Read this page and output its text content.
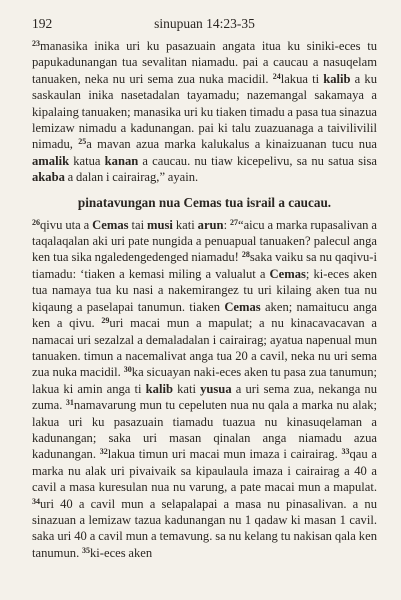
192	sinupuan 14:23-35

$^{23}$manasika inika uri ku pasazuain angata itua ku siniki-eces tu papukadunangan tua sevalitan niamadu. pai a caucau a nasuqelam tanuaken, neka nu uri sema zua nuka macidil. $^{24}$lakua ti kalib a ku saskaulan inika nasetadalan tayamadu; nazemangal sakamaya a kipalaing tanuaken; manasika uri ku tiaken timadu a pasa tua sinazua lemizaw nimadu a kadunangan. pai ki talu zuazuanaga a taivilivilil nimadu, $^{25}$a mavan azua marka kalukalus a kinaizuanan tucu nua amalik katua kanan a caucau. nu tiaw kicepelivu, sa nu satua sisa akaba a dalan i cairairag,” ayain.

pinatavungan nua Cemas tua israil a caucau.

$^{26}$qivu uta a Cemas tai musi kati arun: $^{27}$“aicu a marka rupasalivan a taqalaqalan aki uri pate nungida a penuapual tanuaken? palecul anga ken tua sika ngaledengedenged niamadu! $^{28}$saka vaiku sa nu qaqivu-i tiamadu: ‘tiaken a kemasi miling a valualut a Cemas; ki-eces aken tua namaya tua ku nasi a nakemirangez tu uri kilaing aken tua nu kiqaung a paselapai tanumun. tiaken Cemas aken; namaitucu anga ken a qivu. $^{29}$uri macai mun a mapulat; a nu kinacavacavan a namacai uri sezalzal a demaladalan i cairairag; ayatua napenual mun tanuaken. timun a nacemalivat anga tua 20 a cavil, neka nu uri sema zua nuka macidil. $^{30}$ka sicuayan naki-eces aken tu pasa zua tanumun; lakua ki amin anga ti kalib kati yusua a uri sema zua, nekanga nu zuma. $^{31}$namavarung mun tu cepeluten nua nu qala a marka nu alak; lakua uri ku pasazuain tiamadu tuazua nu kinasuqelaman a kadunangan; saka uri masan qinalan anga niamadu azua kadunangan. $^{32}$lakua timun uri macai mun imaza i cairairag. $^{33}$qau a marka nu alak uri pivaivaik sa kipaulaula imaza i cairairag a 40 a cavil a masa kuresulan nua nu varung, a pate macai mun a mapulat. $^{34}$uri 40 a cavil mun a selapalapai a masa nu pinasalivan. a nu sinazuan a lemizaw tazua kadunangan nu 1 qadaw ki masan 1 cavil. saka uri 40 a cavil mun a temavung. sa nu kelang tu nakisan qala ken tanumun. $^{35}$ki-eces aken
